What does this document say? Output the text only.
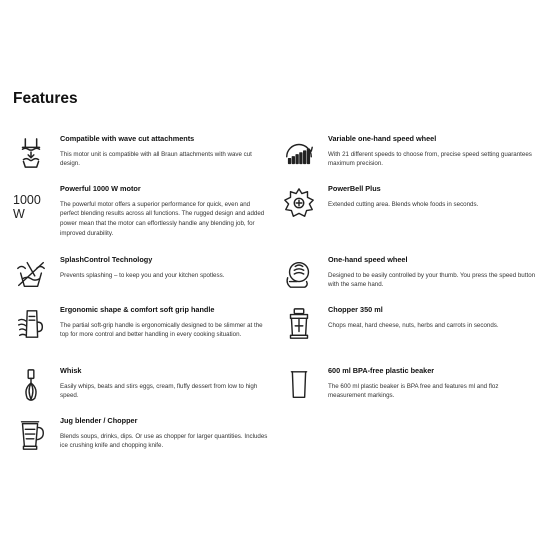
Features
Compatible with wave cut attachments

This motor unit is compatible with all Braun attachments with wave cut design.

1000 W
Powerful 1000 W motor

The powerful motor offers a superior performance for quick, even and perfect blending results across all functions. The rugged design and added power mean that the motor can effortlessly handle any blending job, for improved durability.

SplashControl Technology

Prevents splashing – to keep you and your kitchen spotless.

Ergonomic shape & comfort soft grip handle

The partial soft-grip handle is ergonomically designed to be slimmer at the top for more control and better handling in every cooking situation.

Whisk

Easily whips, beats and stirs eggs, cream, fluffy dessert from low to high speed.

Jug blender / Chopper

Blends soups, drinks, dips. Or use as chopper for larger quantities. Includes ice crushing knife and chopping knife.

Variable one-hand speed wheel

With 21 different speeds to choose from, precise speed setting guarantees maximum precision.

PowerBell Plus

Extended cutting area. Blends whole foods in seconds.

One-hand speed wheel

Designed to be easily controlled by your thumb. You press the speed button with the same hand.

Chopper 350 ml

Chops meat, hard cheese, nuts, herbs and carrots in seconds.

600 ml BPA-free plastic beaker

The 600 ml plastic beaker is BPA free and features ml and floz measurement markings.
